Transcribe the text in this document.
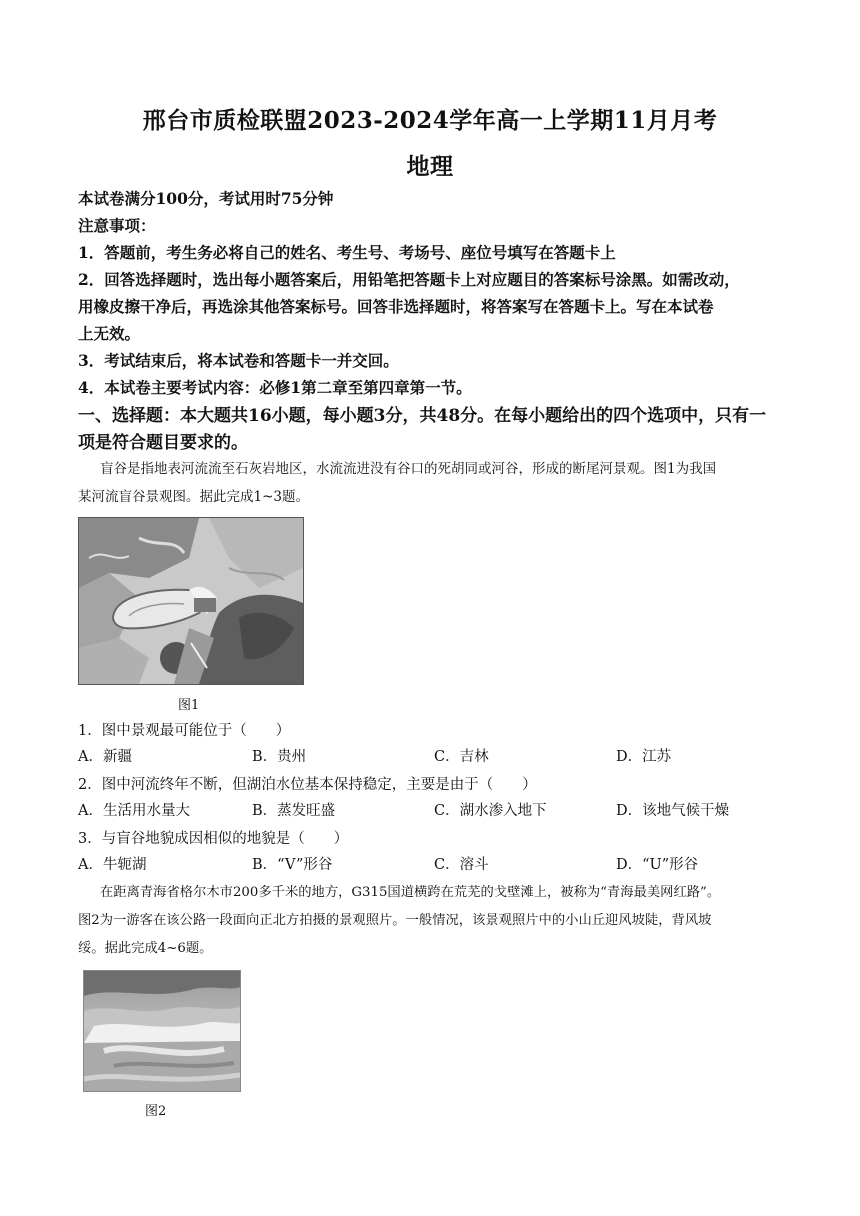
邢台市质检联盟2023-2024学年高一上学期11月月考
地理
本试卷满分100分，考试用时75分钟
注意事项：
1．答题前，考生务必将自己的姓名、考生号、考场号、座位号填写在答题卡上
2．回答选择题时，选出每小题答案后，用铅笔把答题卡上对应题目的答案标号涂黑。如需改动，
用橡皮擦干净后，再选涂其他答案标号。回答非选择题时，将答案写在答题卡上。写在本试卷
上无效。
3．考试结束后，将本试卷和答题卡一并交回。
4．本试卷主要考试内容：必修1第二章至第四章第一节。
一、选择题：本大题共16小题，每小题3分，共48分。在每小题给出的四个选项中，只有一
项是符合题目要求的。
盲谷是指地表河流流至石灰岩地区，水流流进没有谷口的死胡同或河谷，形成的断尾河景观。图1为我国
某河流盲谷景观图。据此完成1~3题。
图1
1．图中景观最可能位于（　　）
A．新疆	B．贵州	C．吉林	D．江苏
2．图中河流终年不断，但湖泊水位基本保持稳定，主要是由于（　　）
A．生活用水量大	B．蒸发旺盛	C．湖水渗入地下	D．该地气候干燥
3．与盲谷地貌成因相似的地貌是（　　）
A．牛轭湖	B．“V”形谷	C．溶斗	D．“U”形谷
在距离青海省格尔木市200多千米的地方，G315国道横跨在荒芜的戈壁滩上，被称为“青海最美网红路”。
图2为一游客在该公路一段面向正北方拍摄的景观照片。一般情况，该景观照片中的小山丘迎风坡陡，背风坡
绥。据此完成4~6题。
图2
